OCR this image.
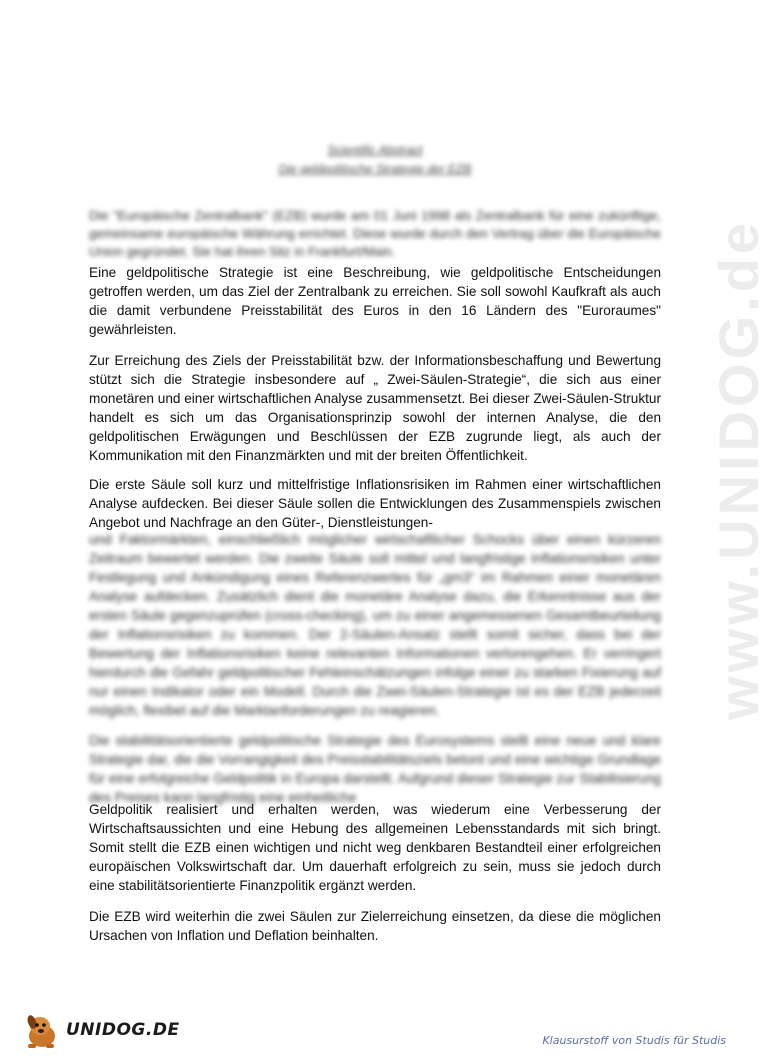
www.UNIDOG.de
Scientific Abstract
Die geldpolitische Strategie der EZB

Die "Europäische Zentralbank" (EZB) wurde am 01 Juni 1998 als Zentralbank für eine zukünftige, gemeinsame europäische Währung errichtet. Diese wurde durch den Vertrag über die Europäische Union gegründet. Sie hat ihren Sitz in Frankfurt/Main.

Eine geldpolitische Strategie ist eine Beschreibung, wie geldpolitische Entscheidungen getroffen werden, um das Ziel der Zentralbank zu erreichen. Sie soll sowohl Kaufkraft als auch die damit verbundene Preisstabilität des Euros in den 16 Ländern des "Euroraumes" gewährleisten.

Zur Erreichung des Ziels der Preisstabilität bzw. der Informationsbeschaffung und Bewertung stützt sich die Strategie insbesondere auf „ Zwei-Säulen-Strategie“, die sich aus einer monetären und einer wirtschaftlichen Analyse zusammensetzt. Bei dieser Zwei-Säulen-Struktur handelt es sich um das Organisationsprinzip sowohl der internen Analyse, die den geldpolitischen Erwägungen und Beschlüssen der EZB zugrunde liegt, als auch der Kommunikation mit den Finanzmärkten und mit der breiten Öffentlichkeit.

Die erste Säule soll kurz und mittelfristige Inflationsrisiken im Rahmen einer wirtschaftlichen Analyse aufdecken. Bei dieser Säule sollen die Entwicklungen des Zusammenspiels zwischen Angebot und Nachfrage an den Güter-, Dienstleistungen-

und Faktormärkten, einschließlich möglicher wirtschaftlicher Schocks über einen kürzeren Zeitraum bewertet werden. Die zweite Säule soll mittel und langfristige Inflationsrisiken unter Festlegung und Ankündigung eines Referenzwertes für „gm3“ im Rahmen einer monetären Analyse aufdecken. Zusätzlich dient die monetäre Analyse dazu, die Erkenntnisse aus der ersten Säule gegenzuprüfen (cross-checking), um zu einer angemessenen Gesamtbeurteilung der Inflationsrisiken zu kommen. Der 2-Säulen-Ansatz stellt somit sicher, dass bei der Bewertung der Inflationsrisiken keine relevanten Informationen verlorengehen. Er verringert hierdurch die Gefahr geldpolitischer Fehleinschätzungen infolge einer zu starken Fixierung auf nur einen Indikator oder ein Modell. Durch die Zwei-Säulen-Strategie ist es der EZB jederzeit möglich, flexibel auf die Marktanforderungen zu reagieren.

Die stabilitätsorientierte geldpolitische Strategie des Eurosystems stellt eine neue und klare Strategie dar, die die Vorrangigkeit des Preisstabilitätsziels betont und eine wichtige Grundlage für eine erfolgreiche Geldpolitik in Europa darstellt. Aufgrund dieser Strategie zur Stabilisierung des Preises kann langfristig eine einheitliche

Geldpolitik realisiert und erhalten werden, was wiederum eine Verbesserung der Wirtschaftsaussichten und eine Hebung des allgemeinen Lebensstandards mit sich bringt. Somit stellt die EZB einen wichtigen und nicht weg denkbaren Bestandteil einer erfolgreichen europäischen Volkswirtschaft dar. Um dauerhaft erfolgreich zu sein, muss sie jedoch durch eine stabilitätsorientierte Finanzpolitik ergänzt werden.

Die EZB wird weiterhin die zwei Säulen zur Zielerreichung einsetzen, da diese die möglichen Ursachen von Inflation und Deflation beinhalten.

UNIDOG.DE
Klausurstoff von Studis für Studis
